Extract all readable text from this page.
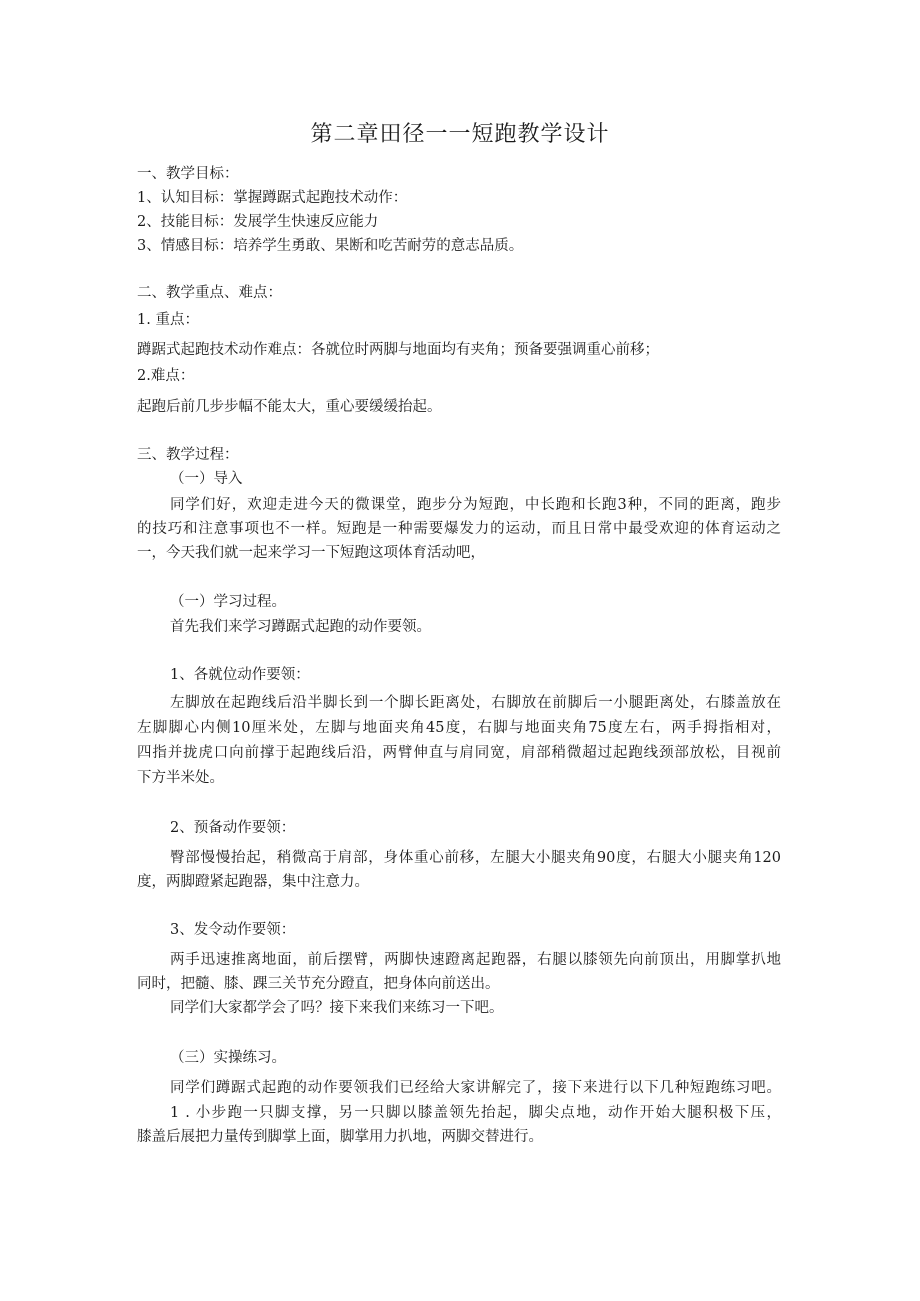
第二章田径一一短跑教学设计
一、教学目标：
1、认知目标：掌握蹲踞式起跑技术动作：
2、技能目标：发展学生快速反应能力
3、情感目标：培养学生勇敢、果断和吃苦耐劳的意志品质。
二、教学重点、难点：
1. 重点：
蹲踞式起跑技术动作难点：各就位时两脚与地面均有夹角；预备要强调重心前移；
2.难点：
起跑后前几步步幅不能太大，重心要缓缓抬起。
三、教学过程：
（一）导入
同学们好，欢迎走进今天的微课堂，跑步分为短跑，中长跑和长跑3种，不同的距离，跑步
的技巧和注意事项也不一样。短跑是一种需要爆发力的运动，而且日常中最受欢迎的体育运动之
一，今天我们就一起来学习一下短跑这项体育活动吧，
（一）学习过程。
首先我们来学习蹲踞式起跑的动作要领。
1、各就位动作要领：
左脚放在起跑线后沿半脚长到一个脚长距离处，右脚放在前脚后一小腿距离处，右膝盖放在
左脚脚心内侧10厘米处，左脚与地面夹角45度，右脚与地面夹角75度左右，两手拇指相对，
四指并拢虎口向前撑于起跑线后沿，两臂伸直与肩同宽，肩部稍微超过起跑线颈部放松，目视前
下方半米处。
2、预备动作要领：
臀部慢慢抬起，稍微高于肩部，身体重心前移，左腿大小腿夹角90度，右腿大小腿夹角120
度，两脚蹬紧起跑器，集中注意力。
3、发令动作要领：
两手迅速推离地面，前后摆臂，两脚快速蹬离起跑器，右腿以膝领先向前顶出，用脚掌扒地
同时，把髓、膝、踝三关节充分蹬直，把身体向前送出。
同学们大家都学会了吗？接下来我们来练习一下吧。
（三）实操练习。
同学们蹲踞式起跑的动作要领我们已经给大家讲解完了，接下来进行以下几种短跑练习吧。
1 . 小步跑一只脚支撑，另一只脚以膝盖领先抬起，脚尖点地，动作开始大腿积极下压，
膝盖后展把力量传到脚掌上面，脚掌用力扒地，两脚交替进行。
